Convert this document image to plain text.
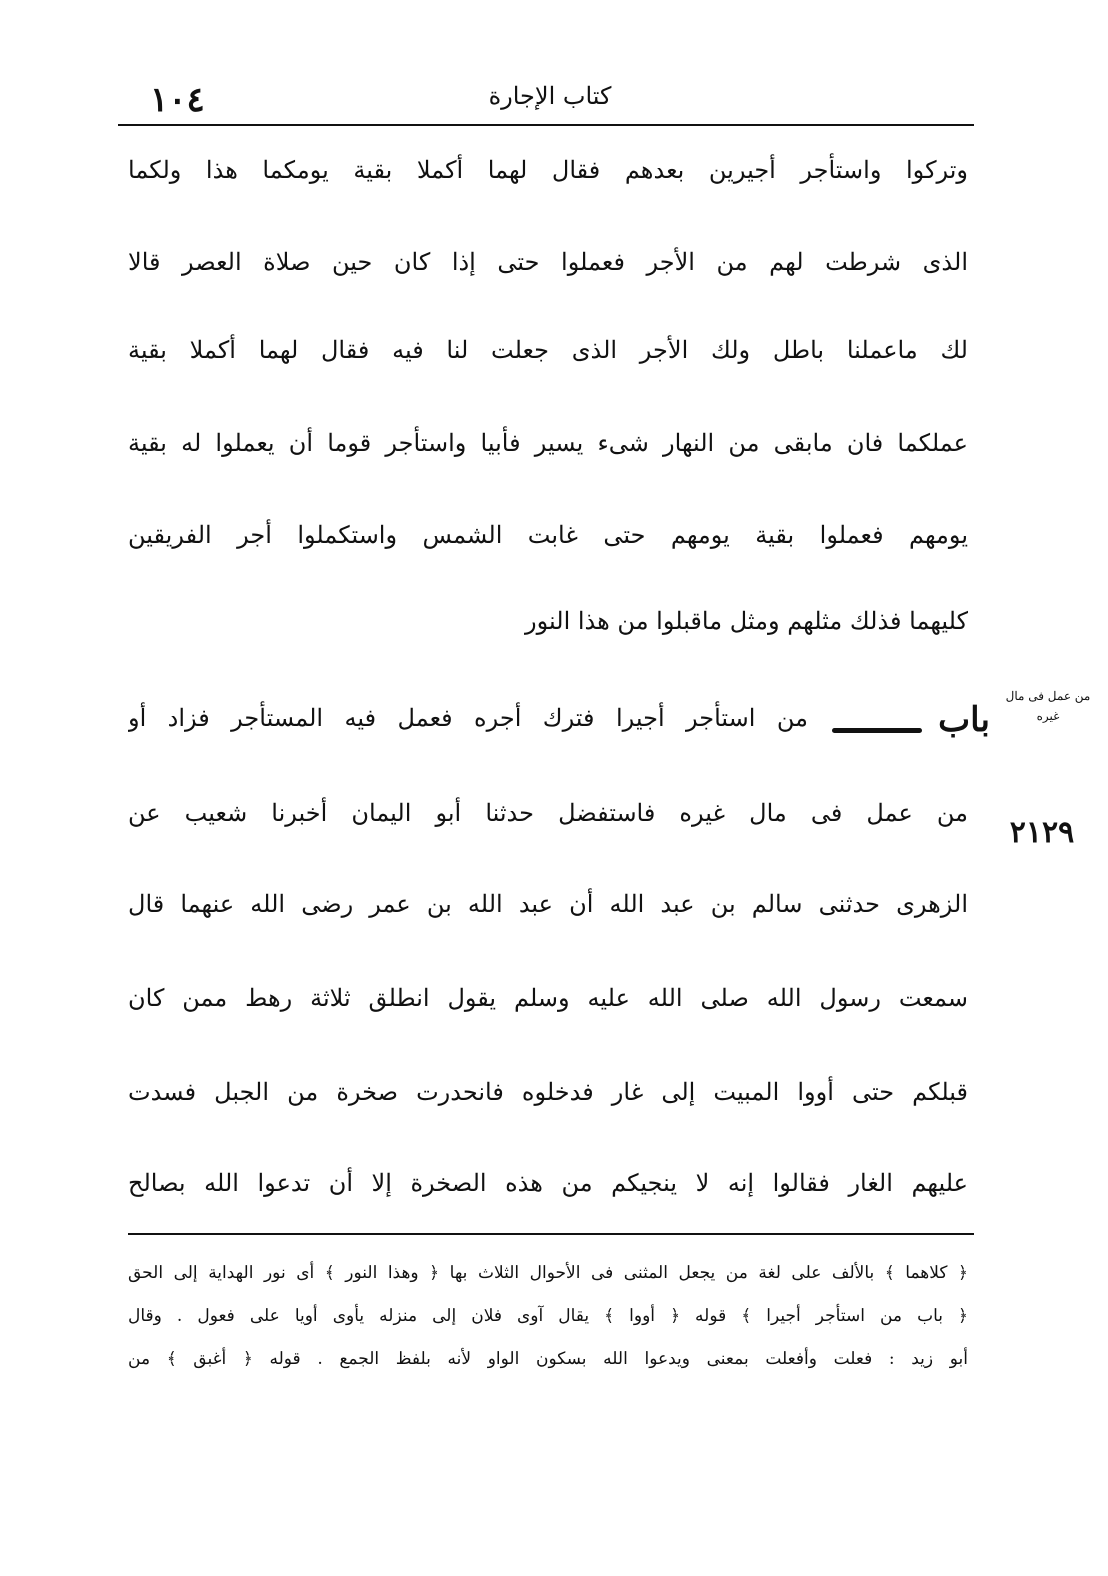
١٠٤	كتاب الإجارة
وتركوا واستأجر أجيرين بعدهم فقال لهما أكملا بقية يومكما هذا ولكما
الذى شرطت لهم من الأجر فعملوا حتى إذا كان حين صلاة العصر قالا
لك ماعملنا باطل ولك الأجر الذى جعلت لنا فيه فقال لهما أكملا بقية
عملكما فان مابقى من النهار شىء يسير فأبيا واستأجر قوما أن يعملوا له بقية
يومهم فعملوا بقية يومهم حتى غابت الشمس واستكملوا أجر الفريقين
كليهما فذلك مثلهم ومثل ماقبلوا من هذا النور
من عمل فى مال غيره
باب
من استأجر أجيرا فترك أجره فعمل فيه المستأجر فزاد أو
٢١٢٩
من عمل فى مال غيره فاستفضل حدثنا أبو اليمان أخبرنا شعيب عن
الزهرى حدثنى سالم بن عبد الله أن عبد الله بن عمر رضى الله عنهما قال
سمعت رسول الله صلى الله عليه وسلم يقول انطلق ثلاثة رهط ممن كان
قبلكم حتى أووا المبيت إلى غار فدخلوه فانحدرت صخرة من الجبل فسدت
عليهم الغار فقالوا إنه لا ينجيكم من هذه الصخرة إلا أن تدعوا الله بصالح
﴿ كلاهما ﴾ بالألف على لغة من يجعل المثنى فى الأحوال الثلاث بها ﴿ وهذا النور ﴾ أى نور الهداية إلى الحق
﴿ باب من استأجر أجيرا ﴾ قوله ﴿ أووا ﴾ يقال آوى فلان إلى منزله يأوى أويا على فعول . وقال
أبو زيد : فعلت وأفعلت بمعنى ويدعوا الله بسكون الواو لأنه بلفظ الجمع . قوله ﴿ أغبق ﴾ من
